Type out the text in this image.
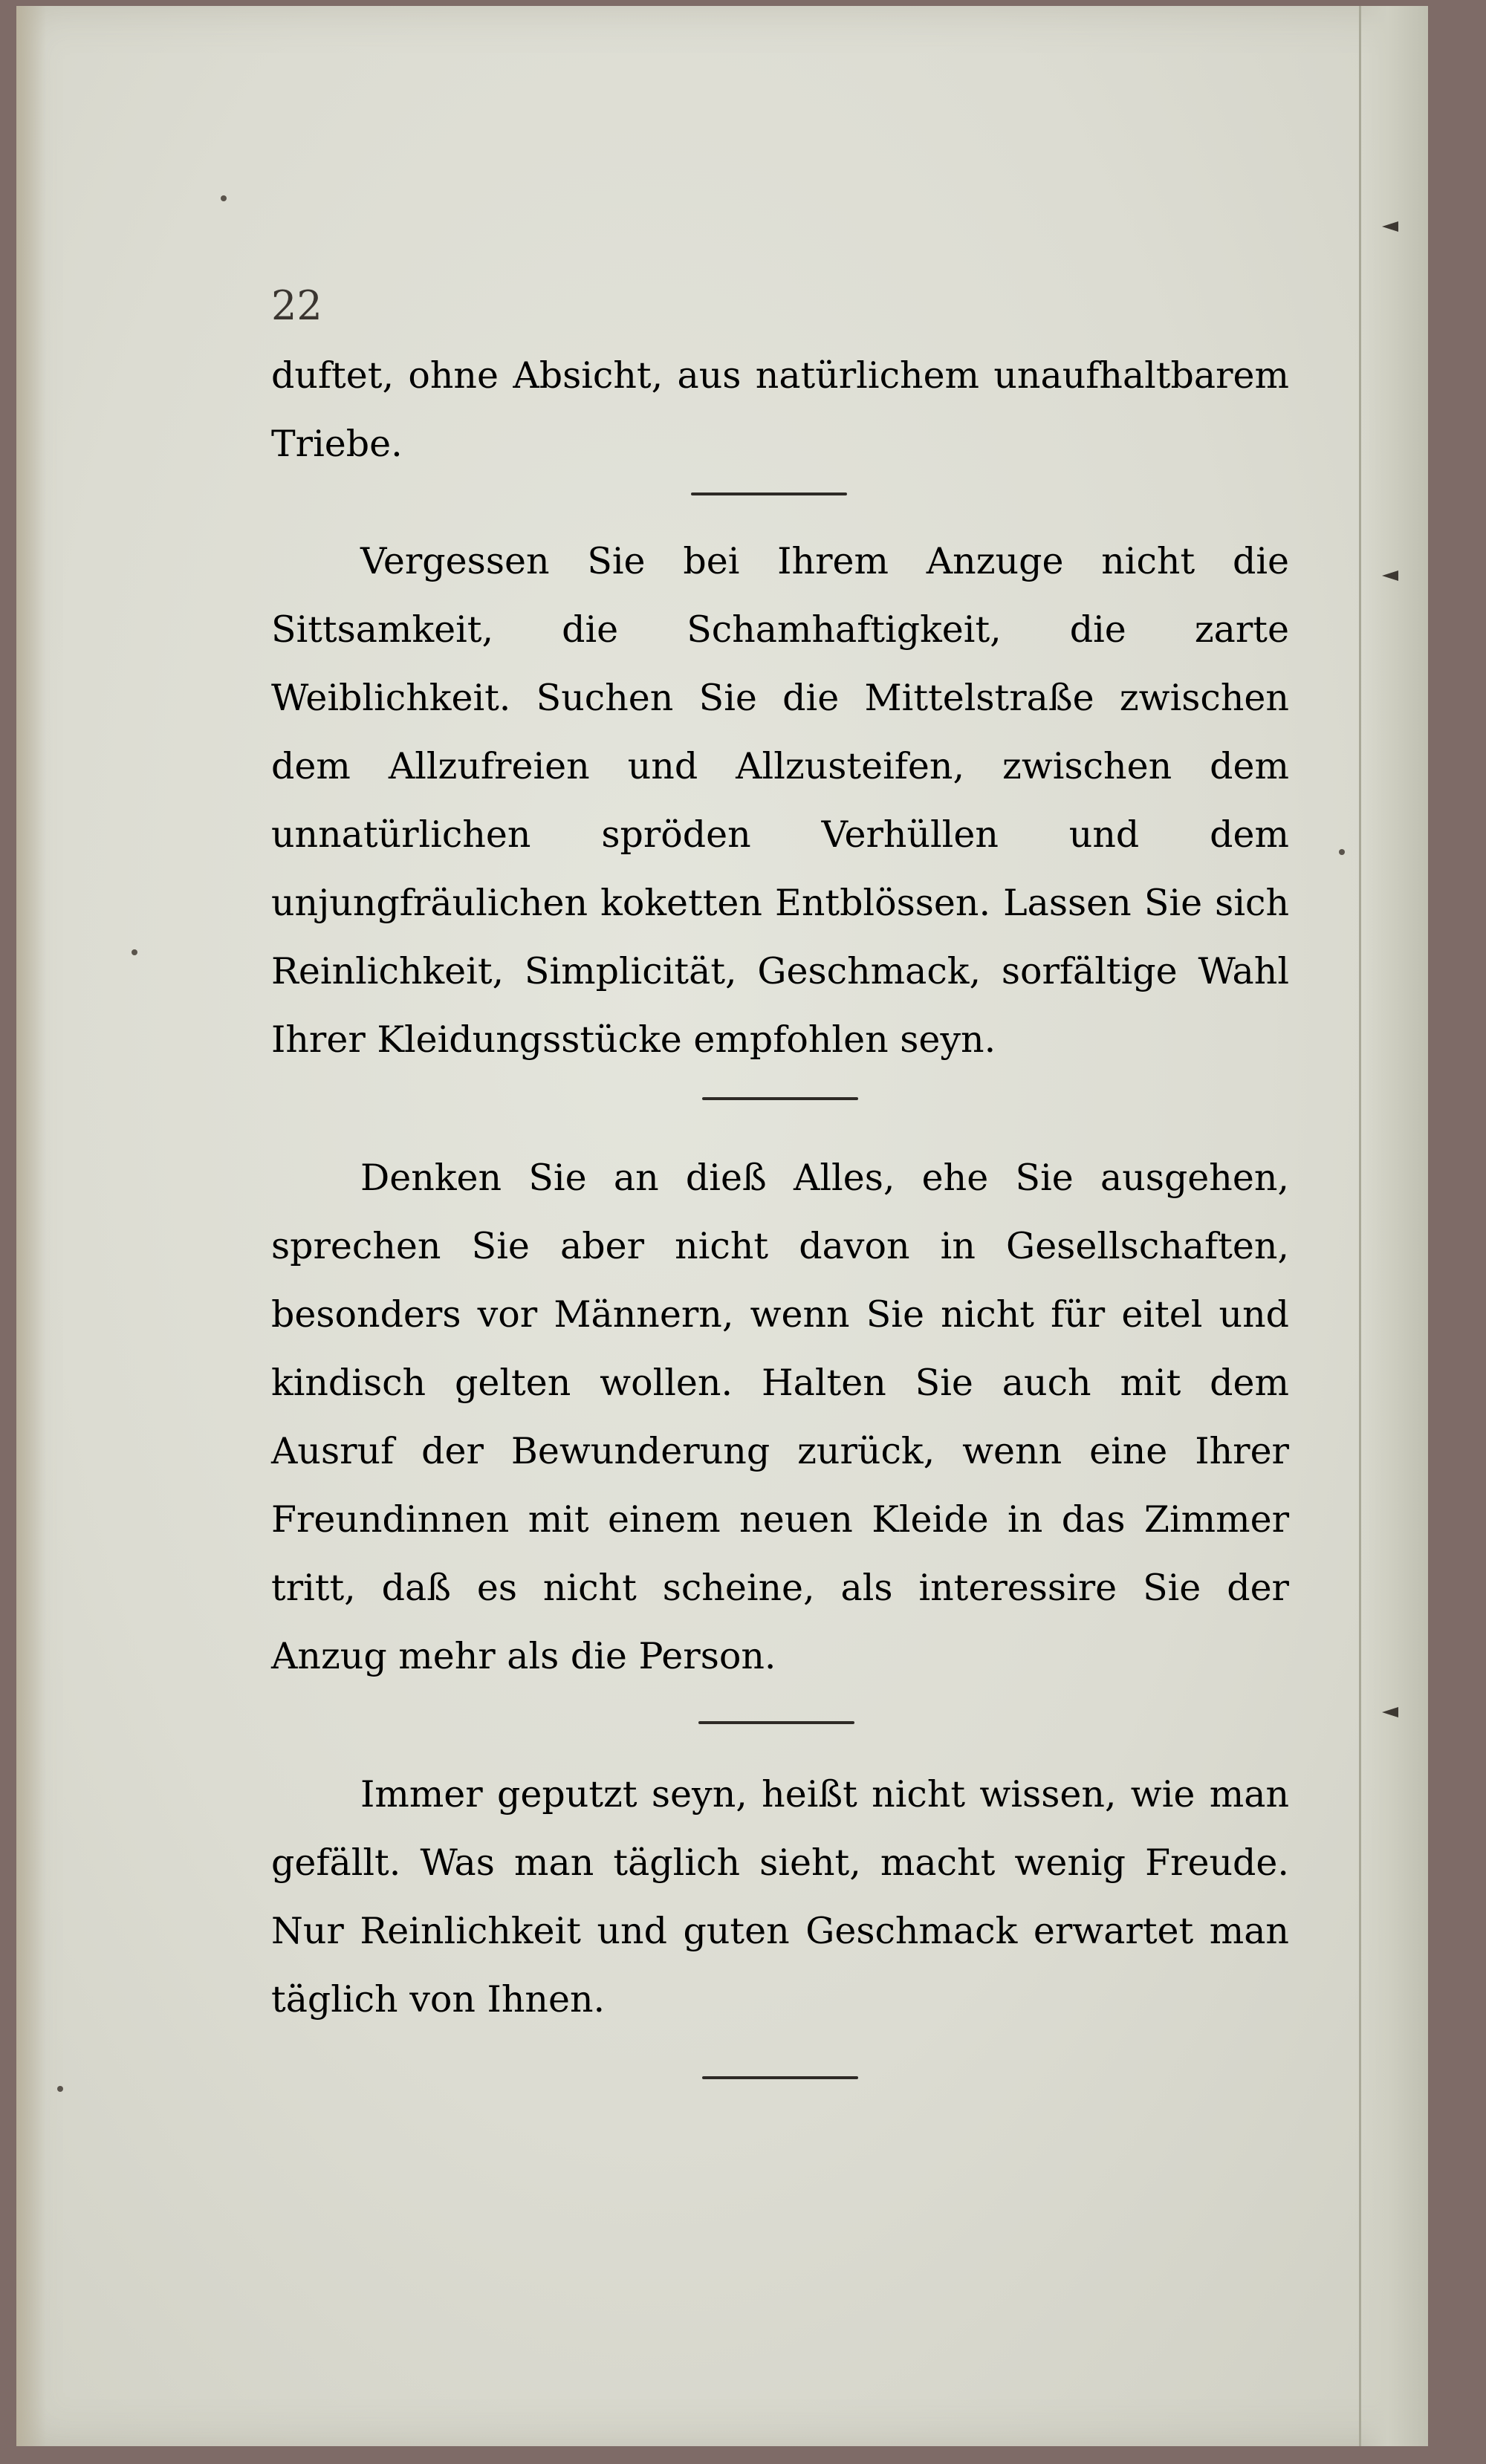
22

duftet, ohne Absicht, aus natürlichem unaufhaltbarem Triebe.

Vergessen Sie bei Ihrem Anzuge nicht die Sittsamkeit, die Schamhaftigkeit, die zarte Weiblichkeit. Suchen Sie die Mittelstraße zwischen dem Allzufreien und Allzusteifen, zwischen dem unnatürlichen spröden Verhüllen und dem unjungfräulichen koketten Entblössen. Lassen Sie sich Reinlichkeit, Simplicität, Geschmack, sorfältige Wahl Ihrer Kleidungsstücke empfohlen seyn.

Denken Sie an dieß Alles, ehe Sie ausgehen, sprechen Sie aber nicht davon in Gesellschaften, besonders vor Männern, wenn Sie nicht für eitel und kindisch gelten wollen. Halten Sie auch mit dem Ausruf der Bewunderung zurück, wenn eine Ihrer Freundinnen mit einem neuen Kleide in das Zimmer tritt, daß es nicht scheine, als interessire Sie der Anzug mehr als die Person.

Immer geputzt seyn, heißt nicht wissen, wie man gefällt. Was man täglich sieht, macht wenig Freude. Nur Reinlichkeit und guten Geschmack erwartet man täglich von Ihnen.
